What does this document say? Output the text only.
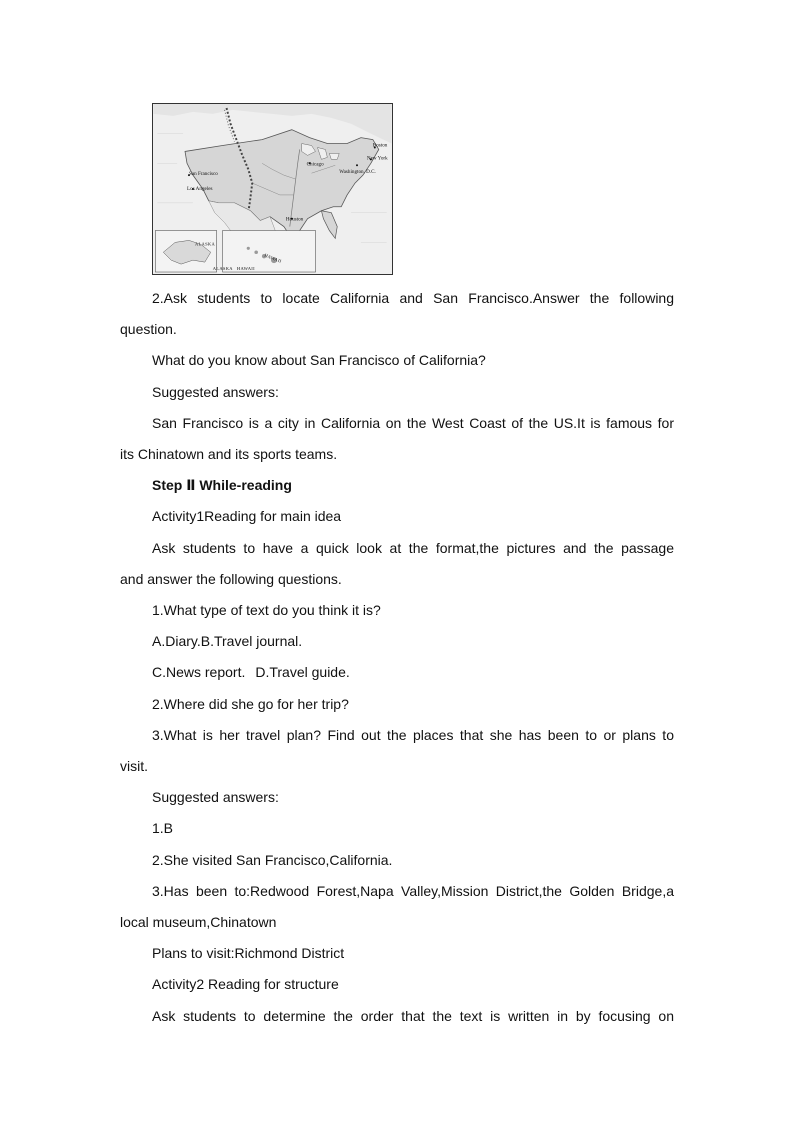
Boston
New York
Chicago
Washington, D.C.
San Francisco
Los Angeles
Houston
ALASKA
HAWAII
ALASKA   HAWAII

2.Ask students to locate California and San Francisco.Answer the following

question.

What do you know about San Francisco of California?

Suggested answers:

San Francisco is a city in California on the West Coast of the US.It is famous for

its Chinatown and its sports teams.

Step Ⅱ While-reading

Activity1Reading for main idea

Ask students to have a quick look at the format,the pictures and the passage

and answer the following questions.

1.What type of text do you think it is?

A.Diary.B.Travel journal.

C.News report. D.Travel guide.

2.Where did she go for her trip?

3.What is her travel plan? Find out the places that she has been to or plans to

visit.

Suggested answers:

1.B

2.She visited San Francisco,California.

3.Has been to:Redwood Forest,Napa Valley,Mission District,the Golden Bridge,a

local museum,Chinatown

Plans to visit:Richmond District

Activity2 Reading for structure

Ask students to determine the order that the text is written in by focusing on
